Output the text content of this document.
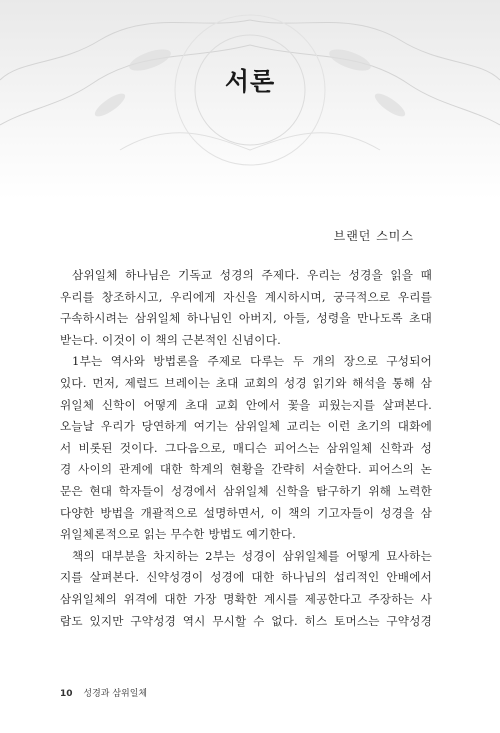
서론

브랜던 스미스

삼위일체 하나님은 기독교 성경의 주제다. 우리는 성경을 읽을 때
우리를 창조하시고, 우리에게 자신을 계시하시며, 궁극적으로 우리를
구속하시려는 삼위일체 하나님인 아버지, 아들, 성령을 만나도록 초대
받는다. 이것이 이 책의 근본적인 신념이다.
1부는 역사와 방법론을 주제로 다루는 두 개의 장으로 구성되어
있다. 먼저, 제럴드 브레이는 초대 교회의 성경 읽기와 해석을 통해 삼
위일체 신학이 어떻게 초대 교회 안에서 꽃을 피웠는지를 살펴본다.
오늘날 우리가 당연하게 여기는 삼위일체 교리는 이런 초기의 대화에
서 비롯된 것이다. 그다음으로, 매디슨 피어스는 삼위일체 신학과 성
경 사이의 관계에 대한 학계의 현황을 간략히 서술한다. 피어스의 논
문은 현대 학자들이 성경에서 삼위일체 신학을 탐구하기 위해 노력한
다양한 방법을 개괄적으로 설명하면서, 이 책의 기고자들이 성경을 삼
위일체론적으로 읽는 무수한 방법도 예기한다.
책의 대부분을 차지하는 2부는 성경이 삼위일체를 어떻게 묘사하는
지를 살펴본다. 신약성경이 성경에 대한 하나님의 섭리적인 안배에서
삼위일체의 위격에 대한 가장 명확한 계시를 제공한다고 주장하는 사
람도 있지만 구약성경 역시 무시할 수 없다. 히스 토머스는 구약성경
10 성경과 삼위일체
